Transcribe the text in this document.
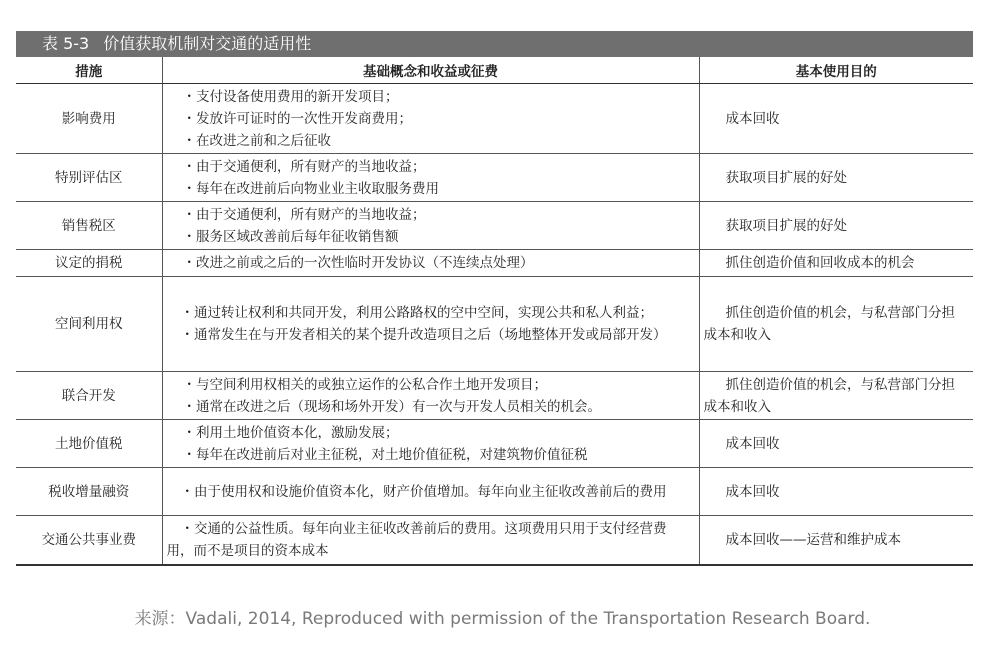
表 5-3 价值获取机制对交通的适用性
措施	基础概念和收益或征费	基本使用目的
影响费用	・支付设备使用费用的新开发项目；
・发放许可证时的一次性开发商费用；
・在改进之前和之后征收	成本回收

特别评估区	・由于交通便利，所有财产的当地收益；
・每年在改进前后向物业业主收取服务费用	获取项目扩展的好处

销售税区	・由于交通便利，所有财产的当地收益；
・服务区域改善前后每年征收销售额	获取项目扩展的好处

议定的捐税	・改进之前或之后的一次性临时开发协议（不连续点处理）	抓住创造价值和回收成本的机会

空间利用权	・通过转让权利和共同开发，利用公路路权的空中空间，实现公共和私人利益；
・通常发生在与开发者相关的某个提升改造项目之后（场地整体开发或局部开发）	抓住创造价值的机会，与私营部门分担成本和收入

联合开发	・与空间利用权相关的或独立运作的公私合作土地开发项目；
・通常在改进之后（现场和场外开发）有一次与开发人员相关的机会。	抓住创造价值的机会，与私营部门分担成本和收入

土地价值税	・利用土地价值资本化，激励发展；
・每年在改进前后对业主征税，对土地价值征税，对建筑物价值征税	成本回收

税收增量融资	・由于使用权和设施价值资本化，财产价值增加。每年向业主征收改善前后的费用	成本回收

交通公共事业费	・交通的公益性质。每年向业主征收改善前后的费用。这项费用只用于支付经营费用，而不是项目的资本成本	成本回收——运营和维护成本
来源：Vadali, 2014, Reproduced with permission of the Transportation Research Board.
